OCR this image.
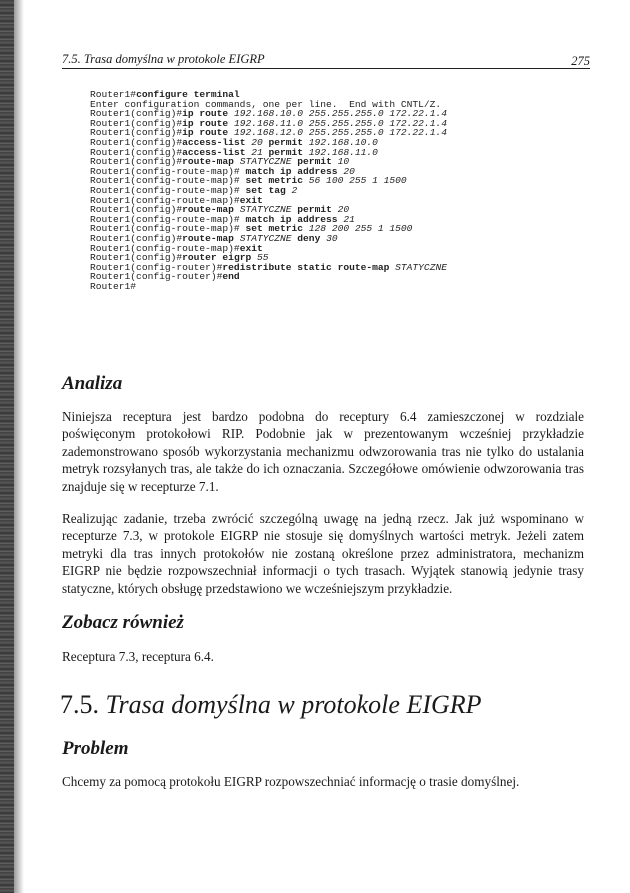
7.5. Trasa domyślna w protokole EIGRP	275
Router1#configure terminal
Enter configuration commands, one per line.  End with CNTL/Z.
Router1(config)#ip route 192.168.10.0 255.255.255.0 172.22.1.4
Router1(config)#ip route 192.168.11.0 255.255.255.0 172.22.1.4
Router1(config)#ip route 192.168.12.0 255.255.255.0 172.22.1.4
Router1(config)#access-list 20 permit 192.168.10.0
Router1(config)#access-list 21 permit 192.168.11.0
Router1(config)#route-map STATYCZNE permit 10
Router1(config-route-map)# match ip address 20
Router1(config-route-map)# set metric 56 100 255 1 1500
Router1(config-route-map)# set tag 2
Router1(config-route-map)#exit
Router1(config)#route-map STATYCZNE permit 20
Router1(config-route-map)# match ip address 21
Router1(config-route-map)# set metric 128 200 255 1 1500
Router1(config)#route-map STATYCZNE deny 30
Router1(config-route-map)#exit
Router1(config)#router eigrp 55
Router1(config-router)#redistribute static route-map STATYCZNE
Router1(config-router)#end
Router1#
Analiza
Niniejsza receptura jest bardzo podobna do receptury 6.4 zamieszczonej w rozdziale poświęconym protokołowi RIP. Podobnie jak w prezentowanym wcześniej przykładzie zademonstrowano sposób wykorzystania mechanizmu odwzorowania tras nie tylko do ustalania metryk rozsyłanych tras, ale także do ich oznaczania. Szczegółowe omówienie odwzorowania tras znajduje się w recepturze 7.1.
Realizując zadanie, trzeba zwrócić szczególną uwagę na jedną rzecz. Jak już wspominano w recepturze 7.3, w protokole EIGRP nie stosuje się domyślnych wartości metryk. Jeżeli zatem metryki dla tras innych protokołów nie zostaną określone przez administratora, mechanizm EIGRP nie będzie rozpowszechniał informacji o tych trasach. Wyjątek stanowią jedynie trasy statyczne, których obsługę przedstawiono we wcześniejszym przykładzie.
Zobacz również
Receptura 7.3, receptura 6.4.
7.5. Trasa domyślna w protokole EIGRP
Problem
Chcemy za pomocą protokołu EIGRP rozpowszechniać informację o trasie domyślnej.
